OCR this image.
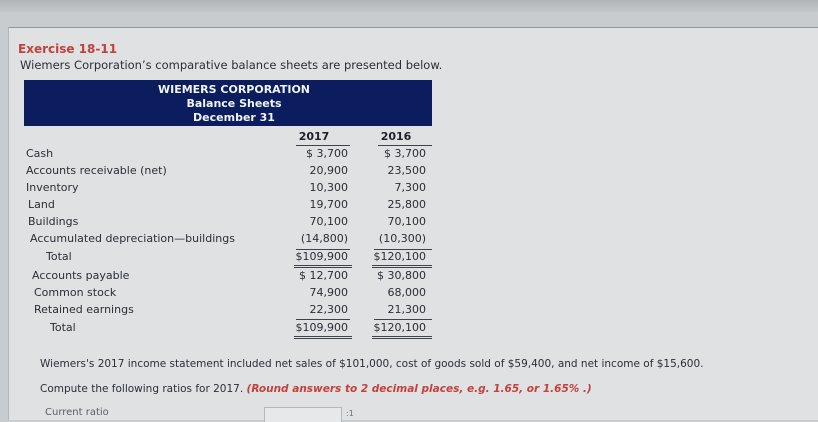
Exercise 18-11
Wiemers Corporation’s comparative balance sheets are presented below.
WIEMERS CORPORATION
Balance Sheets
December 31
2017	2016
Cash	$ 3,700	$ 3,700
Accounts receivable (net)	20,900	23,500
Inventory	10,300	7,300
Land	19,700	25,800
Buildings	70,100	70,100
Accumulated depreciation—buildings	(14,800)	(10,300)
Total	$109,900	$120,100
Accounts payable	$ 12,700	$ 30,800
Common stock	74,900	68,000
Retained earnings	22,300	21,300
Total	$109,900	$120,100
Wiemers's 2017 income statement included net sales of $101,000, cost of goods sold of $59,400, and net income of $15,600.
Compute the following ratios for 2017. (Round answers to 2 decimal places, e.g. 1.65, or 1.65% .)
Current ratio	:1
